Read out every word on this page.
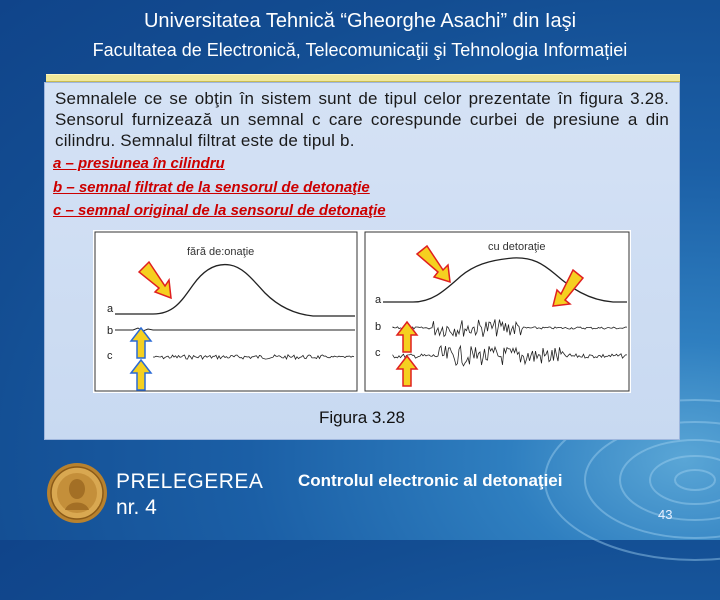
Universitatea Tehnică “Gheorghe Asachi” din Iaşi
Facultatea de Electronică, Telecomunicaţii şi Tehnologia Informației
Semnalele ce se obţin în sistem sunt de tipul celor prezentate în figura 3.28. Sensorul furnizează un semnal c care corespunde curbei de presiune a din cilindru. Semnalul filtrat este de tipul b.
a – presiunea în cilindru
b – semnal filtrat de la sensorul de detonaţie
c – semnal original de la sensorul de detonaţie
fără de:onaţie	cu detoraţie
a
b
c
a
b
c
Figura 3.28
PRELEGEREA
nr. 4
Controlul electronic al detonaţiei
43
